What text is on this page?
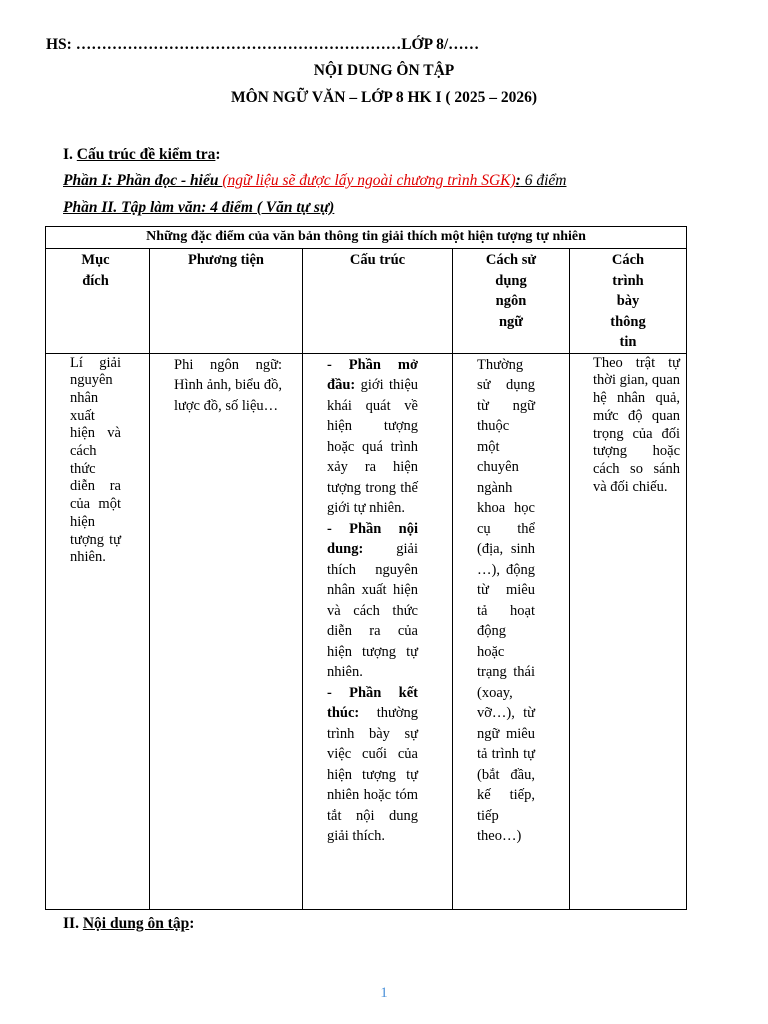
HS: ………………………………………………………LỚP 8/……
NỘI DUNG ÔN TẬP
MÔN NGỮ VĂN – LỚP 8 HK I ( 2025 – 2026)
I. Cấu trúc đề kiểm tra:
Phần I: Phần đọc - hiểu (ngữ liệu sẽ được lấy ngoài chương trình SGK): 6 điểm
Phần II. Tập làm văn: 4 điểm ( Văn tự sự)
Những đặc điểm của văn bản thông tin giải thích một hiện tượng tự nhiên				
Mục đích	Phương tiện	Cấu trúc	Cách sử dụng ngôn ngữ	Cách trình bày thông tin
Lí giải nguyên nhân xuất hiện và cách thức diễn ra của một hiện tượng tự nhiên.	Phi ngôn ngữ: Hình ảnh, biểu đồ, lược đồ, số liệu…	- Phần mở đầu: giới thiệu khái quát về hiện tượng hoặc quá trình xảy ra hiện tượng trong thế giới tự nhiên.

- Phần nội dung: giải thích nguyên nhân xuất hiện và cách thức diễn ra của hiện tượng tự nhiên.

- Phần kết thúc: thường trình bày sự việc cuối của hiện tượng tự nhiên hoặc tóm tắt nội dung giải thích.	Thường sử dụng từ ngữ thuộc một chuyên ngành khoa học cụ thể (địa, sinh …), động từ miêu tả hoạt động hoặc trạng thái (xoay, vỡ…), từ ngữ miêu tả trình tự (bắt đầu, kế tiếp, tiếp theo…)	Theo trật tự thời gian, quan hệ nhân quả, mức độ quan trọng của đối tượng hoặc cách so sánh và đối chiếu.
II. Nội dung ôn tập:
1
